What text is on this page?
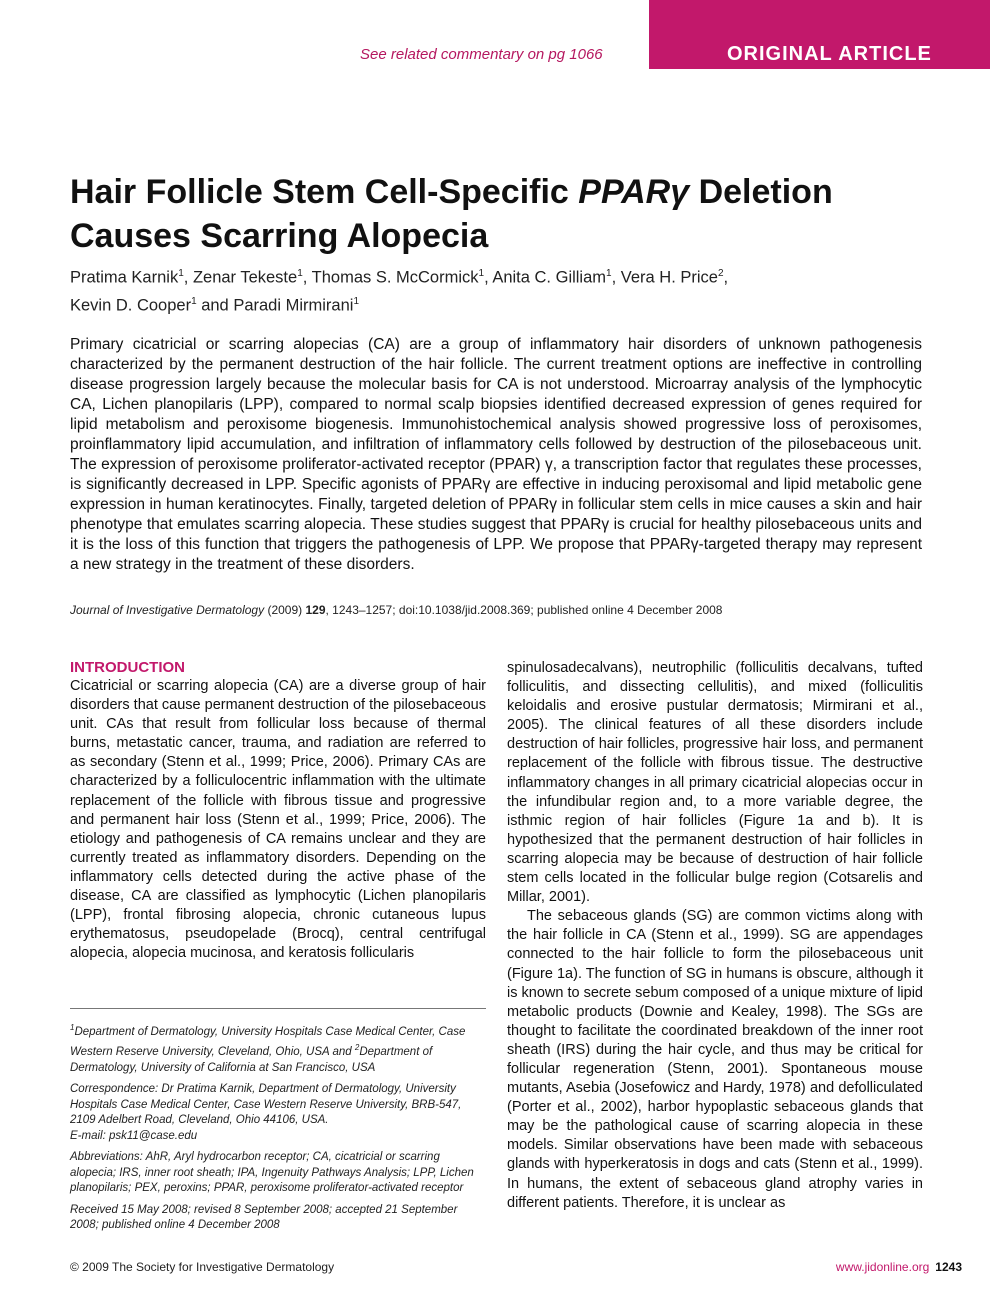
See related commentary on pg 1066	ORIGINAL ARTICLE
Hair Follicle Stem Cell-Specific PPARγ Deletion Causes Scarring Alopecia
Pratima Karnik$^1$, Zenar Tekeste$^1$, Thomas S. McCormick$^1$, Anita C. Gilliam$^1$, Vera H. Price$^2$,
Kevin D. Cooper$^1$ and Paradi Mirmirani$^1$

Primary cicatricial or scarring alopecias (CA) are a group of inflammatory hair disorders of unknown pathogenesis characterized by the permanent destruction of the hair follicle. The current treatment options are ineffective in controlling disease progression largely because the molecular basis for CA is not understood. Microarray analysis of the lymphocytic CA, Lichen planopilaris (LPP), compared to normal scalp biopsies identified decreased expression of genes required for lipid metabolism and peroxisome biogenesis. Immunohistochemical analysis showed progressive loss of peroxisomes, proinflammatory lipid accumulation, and infiltration of inflammatory cells followed by destruction of the pilosebaceous unit. The expression of peroxisome proliferator-activated receptor (PPAR) γ, a transcription factor that regulates these processes, is significantly decreased in LPP. Specific agonists of PPARγ are effective in inducing peroxisomal and lipid metabolic gene expression in human keratinocytes. Finally, targeted deletion of PPARγ in follicular stem cells in mice causes a skin and hair phenotype that emulates scarring alopecia. These studies suggest that PPARγ is crucial for healthy pilosebaceous units and it is the loss of this function that triggers the pathogenesis of LPP. We propose that PPARγ-targeted therapy may represent a new strategy in the treatment of these disorders.

Journal of Investigative Dermatology (2009) 129, 1243–1257; doi:10.1038/jid.2008.369; published online 4 December 2008
INTRODUCTION

Cicatricial or scarring alopecia (CA) are a diverse group of hair disorders that cause permanent destruction of the pilosebaceous unit. CAs that result from follicular loss because of thermal burns, metastatic cancer, trauma, and radiation are referred to as secondary (Stenn et al., 1999; Price, 2006). Primary CAs are characterized by a folliculocentric inflammation with the ultimate replacement of the follicle with fibrous tissue and progressive and permanent hair loss (Stenn et al., 1999; Price, 2006). The etiology and pathogenesis of CA remains unclear and they are currently treated as inflammatory disorders. Depending on the inflammatory cells detected during the active phase of the disease, CA are classified as lymphocytic (Lichen planopilaris (LPP), frontal fibrosing alopecia, chronic cutaneous lupus erythematosus, pseudopelade (Brocq), central centrifugal alopecia, alopecia mucinosa, and keratosis follicularis

spinulosadecalvans), neutrophilic (folliculitis decalvans, tufted folliculitis, and dissecting cellulitis), and mixed (folliculitis keloidalis and erosive pustular dermatosis; Mirmirani et al., 2005). The clinical features of all these disorders include destruction of hair follicles, progressive hair loss, and permanent replacement of the follicle with fibrous tissue. The destructive inflammatory changes in all primary cicatricial alopecias occur in the infundibular region and, to a more variable degree, the isthmic region of hair follicles (Figure 1a and b). It is hypothesized that the permanent destruction of hair follicles in scarring alopecia may be because of destruction of hair follicle stem cells located in the follicular bulge region (Cotsarelis and Millar, 2001).

The sebaceous glands (SG) are common victims along with the hair follicle in CA (Stenn et al., 1999). SG are appendages connected to the hair follicle to form the pilosebaceous unit (Figure 1a). The function of SG in humans is obscure, although it is known to secrete sebum composed of a unique mixture of lipid metabolic products (Downie and Kealey, 1998). The SGs are thought to facilitate the coordinated breakdown of the inner root sheath (IRS) during the hair cycle, and thus may be critical for follicular regeneration (Stenn, 2001). Spontaneous mouse mutants, Asebia (Josefowicz and Hardy, 1978) and defolliculated (Porter et al., 2002), harbor hypoplastic sebaceous glands that may be the pathological cause of scarring alopecia in these models. Similar observations have been made with sebaceous glands with hyperkeratosis in dogs and cats (Stenn et al., 1999). In humans, the extent of sebaceous gland atrophy varies in different patients. Therefore, it is unclear as

$^1$Department of Dermatology, University Hospitals Case Medical Center, Case Western Reserve University, Cleveland, Ohio, USA and $^2$Department of Dermatology, University of California at San Francisco, USA

Correspondence: Dr Pratima Karnik, Department of Dermatology, University Hospitals Case Medical Center, Case Western Reserve University, BRB-547, 2109 Adelbert Road, Cleveland, Ohio 44106, USA.
E-mail: psk11@case.edu

Abbreviations: AhR, Aryl hydrocarbon receptor; CA, cicatricial or scarring alopecia; IRS, inner root sheath; IPA, Ingenuity Pathways Analysis; LPP, Lichen planopilaris; PEX, peroxins; PPAR, peroxisome proliferator-activated receptor

Received 15 May 2008; revised 8 September 2008; accepted 21 September 2008; published online 4 December 2008

© 2009 The Society for Investigative Dermatology	www.jidonline.org 1243
